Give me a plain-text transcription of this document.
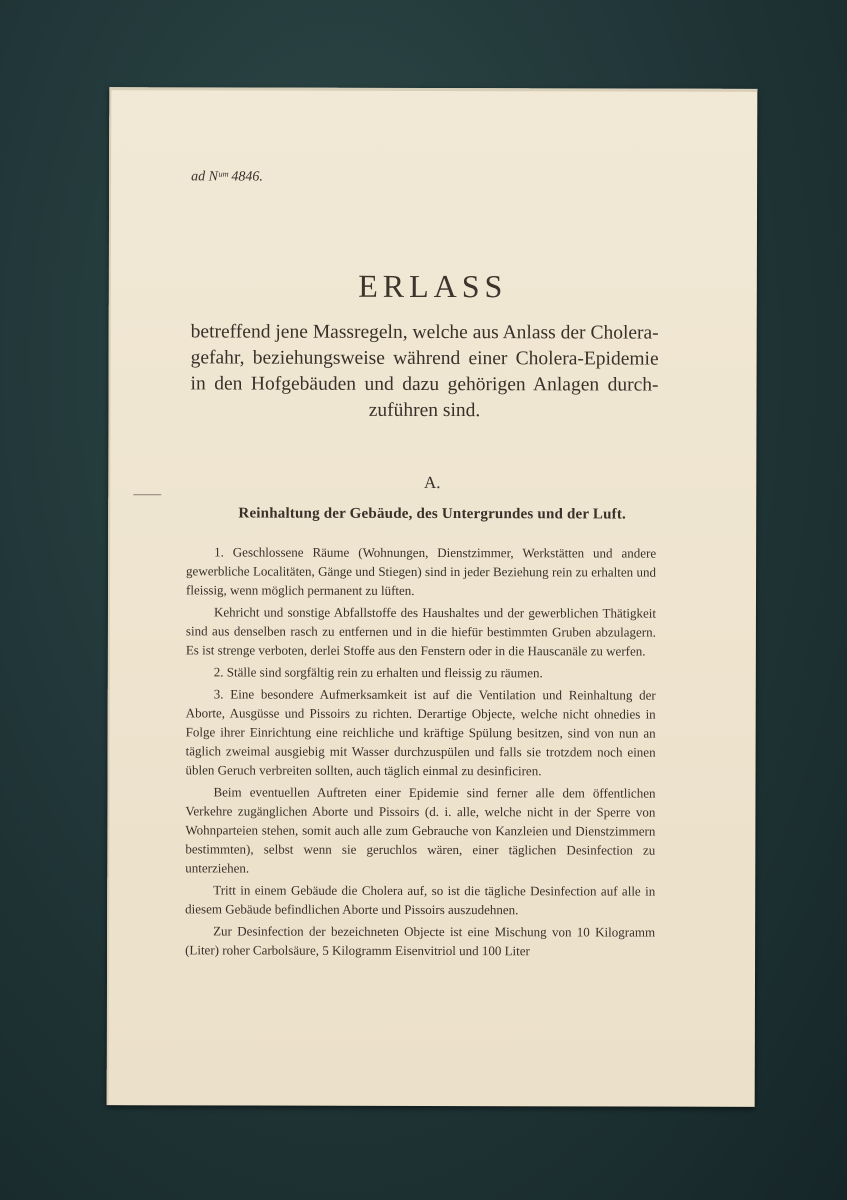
ad Nᵘᵐ 4846.
ERLASS
betreffend jene Massregeln, welche aus Anlass der Cholera-gefahr, beziehungsweise während einer Cholera-Epidemie in den Hofgebäuden und dazu gehörigen Anlagen durch-zuführen sind.
A.
Reinhaltung der Gebäude, des Untergrundes und der Luft.

1. Geschlossene Räume (Wohnungen, Dienstzimmer, Werkstätten und andere gewerbliche Localitäten, Gänge und Stiegen) sind in jeder Beziehung rein zu erhalten und fleissig, wenn möglich permanent zu lüften.

Kehricht und sonstige Abfallstoffe des Haushaltes und der gewerblichen Thätigkeit sind aus denselben rasch zu entfernen und in die hiefür bestimmten Gruben abzulagern. Es ist strenge verboten, derlei Stoffe aus den Fenstern oder in die Hauscanäle zu werfen.

2. Ställe sind sorgfältig rein zu erhalten und fleissig zu räumen.

3. Eine besondere Aufmerksamkeit ist auf die Ventilation und Reinhaltung der Aborte, Ausgüsse und Pissoirs zu richten. Derartige Objecte, welche nicht ohnedies in Folge ihrer Einrichtung eine reichliche und kräftige Spülung besitzen, sind von nun an täglich zweimal ausgiebig mit Wasser durchzuspülen und falls sie trotzdem noch einen üblen Geruch verbreiten sollten, auch täglich einmal zu desinficiren.

Beim eventuellen Auftreten einer Epidemie sind ferner alle dem öffentlichen Verkehre zugänglichen Aborte und Pissoirs (d. i. alle, welche nicht in der Sperre von Wohnparteien stehen, somit auch alle zum Gebrauche von Kanzleien und Dienstzimmern bestimmten), selbst wenn sie geruchlos wären, einer täglichen Desinfection zu unterziehen.

Tritt in einem Gebäude die Cholera auf, so ist die tägliche Desinfection auf alle in diesem Gebäude befindlichen Aborte und Pissoirs auszudehnen.

Zur Desinfection der bezeichneten Objecte ist eine Mischung von 10 Kilogramm (Liter) roher Carbolsäure, 5 Kilogramm Eisenvitriol und 100 Liter
